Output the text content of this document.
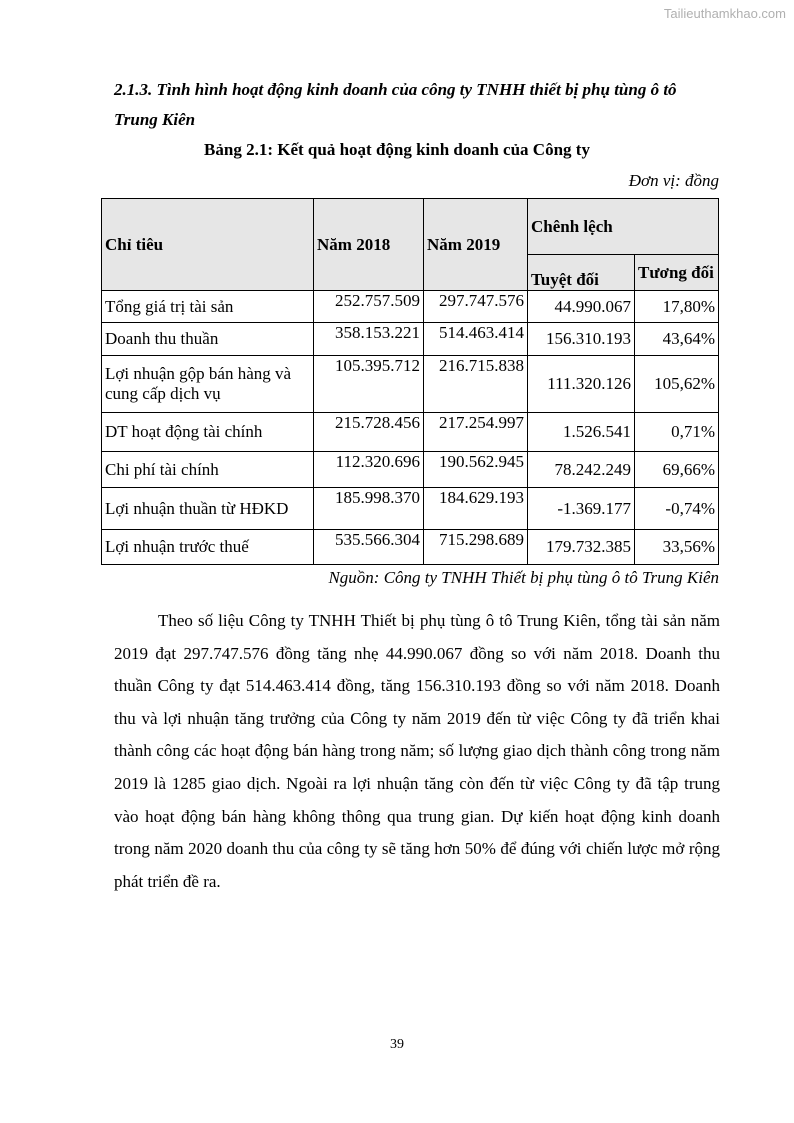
Tailieuthamkhao.com
2.1.3. Tình hình hoạt động kinh doanh của công ty TNHH thiết bị phụ tùng ô tô Trung Kiên
Bảng 2.1: Kết quả hoạt động kinh doanh của Công ty
Đơn vị: đồng
Chỉ tiêu	Năm 2018	Năm 2019	Chênh lệch	
			Tuyệt đối	Tương đối
Tổng giá trị tài sản	252.757.509	297.747.576	44.990.067	17,80%
Doanh thu thuần	358.153.221	514.463.414	156.310.193	43,64%
Lợi nhuận gộp bán hàng và cung cấp dịch vụ	105.395.712	216.715.838	111.320.126	105,62%
DT hoạt động tài chính	215.728.456	217.254.997	1.526.541	0,71%
Chi phí tài chính	112.320.696	190.562.945	78.242.249	69,66%
Lợi nhuận thuần từ HĐKD	185.998.370	184.629.193	-1.369.177	-0,74%
Lợi nhuận trước thuế	535.566.304	715.298.689	179.732.385	33,56%
Nguồn: Công ty TNHH Thiết bị phụ tùng ô tô Trung Kiên
Theo số liệu Công ty TNHH Thiết bị phụ tùng ô tô Trung Kiên, tổng tài sản năm 2019 đạt 297.747.576 đồng tăng nhẹ 44.990.067 đồng so với năm 2018. Doanh thu thuần Công ty đạt 514.463.414 đồng, tăng 156.310.193 đồng so với năm 2018. Doanh thu và lợi nhuận tăng trưởng của Công ty năm 2019 đến từ việc Công ty đã triển khai thành công các hoạt động bán hàng trong năm; số lượng giao dịch thành công trong năm 2019 là 1285 giao dịch. Ngoài ra lợi nhuận tăng còn đến từ việc Công ty đã tập trung vào hoạt động bán hàng không thông qua trung gian. Dự kiến hoạt động kinh doanh trong năm 2020 doanh thu của công ty sẽ tăng hơn 50% để đúng với chiến lược mở rộng phát triển đề ra.
39
